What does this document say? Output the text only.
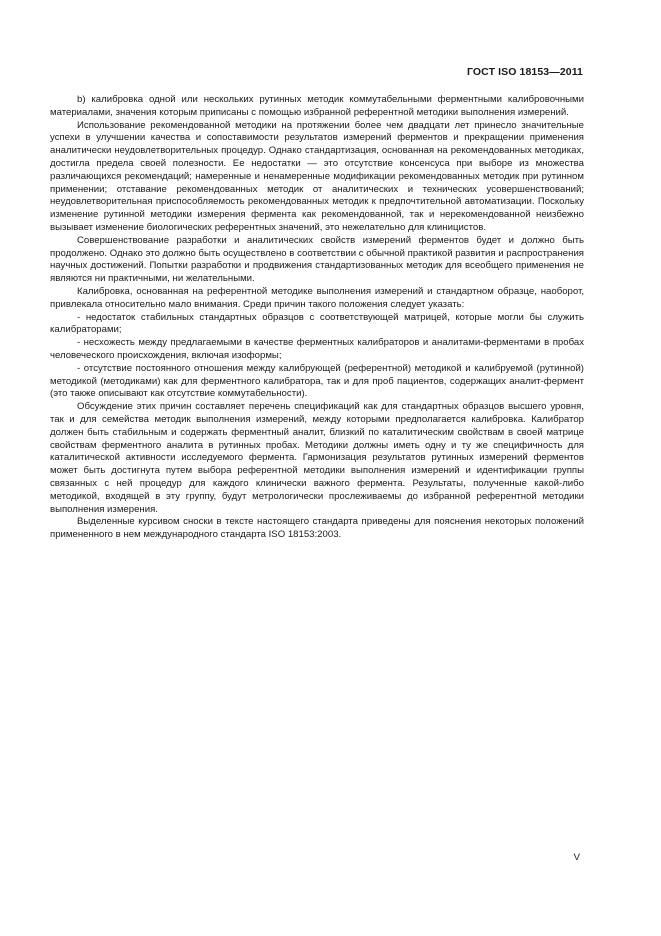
ГОСТ ISO 18153—2011

b) калибровка одной или нескольких рутинных методик коммутабельными ферментными калибровочными материалами, значения которым приписаны с помощью избранной референтной методики выполнения измерений.

Использование рекомендованной методики на протяжении более чем двадцати лет принесло значительные успехи в улучшении качества и сопоставимости результатов измерений ферментов и прекращении применения аналитически неудовлетворительных процедур. Однако стандартизация, основанная на рекомендованных методиках, достигла предела своей полезности. Ее недостатки — это отсутствие консенсуса при выборе из множества различающихся рекомендаций; намеренные и ненамеренные модификации рекомендованных методик при рутинном применении; отставание рекомендованных методик от аналитических и технических усовершенствований; неудовлетворительная приспособляемость рекомендованных методик к предпочтительной автоматизации. Поскольку изменение рутинной методики измерения фермента как рекомендованной, так и нерекомендованной неизбежно вызывает изменение биологических референтных значений, это нежелательно для клиницистов.

Совершенствование разработки и аналитических свойств измерений ферментов будет и должно быть продолжено. Однако это должно быть осуществлено в соответствии с обычной практикой развития и распространения научных достижений. Попытки разработки и продвижения стандартизованных методик для всеобщего применения не являются ни практичными, ни желательными.

Калибровка, основанная на референтной методике выполнения измерений и стандартном образце, наоборот, привлекала относительно мало внимания. Среди причин такого положения следует указать:

- недостаток стабильных стандартных образцов с соответствующей матрицей, которые могли бы служить калибраторами;

- несхожесть между предлагаемыми в качестве ферментных калибраторов и аналитами-ферментами в пробах человеческого происхождения, включая изоформы;

- отсутствие постоянного отношения между калибрующей (референтной) методикой и калибруемой (рутинной) методикой (методиками) как для ферментного калибратора, так и для проб пациентов, содержащих аналит-фермент (это также описывают как отсутствие коммутабельности).

Обсуждение этих причин составляет перечень спецификаций как для стандартных образцов высшего уровня, так и для семейства методик выполнения измерений, между которыми предполагается калибровка. Калибратор должен быть стабильным и содержать ферментный аналит, близкий по каталитическим свойствам в своей матрице свойствам ферментного аналита в рутинных пробах. Методики должны иметь одну и ту же специфичность для каталитической активности исследуемого фермента. Гармонизация результатов рутинных измерений ферментов может быть достигнута путем выбора референтной методики выполнения измерений и идентификации группы связанных с ней процедур для каждого клинически важного фермента. Результаты, полученные какой-либо методикой, входящей в эту группу, будут метрологически прослеживаемы до избранной референтной методики выполнения измерения.

Выделенные курсивом сноски в тексте настоящего стандарта приведены для пояснения некоторых положений примененного в нем международного стандарта ISO 18153:2003.

V
